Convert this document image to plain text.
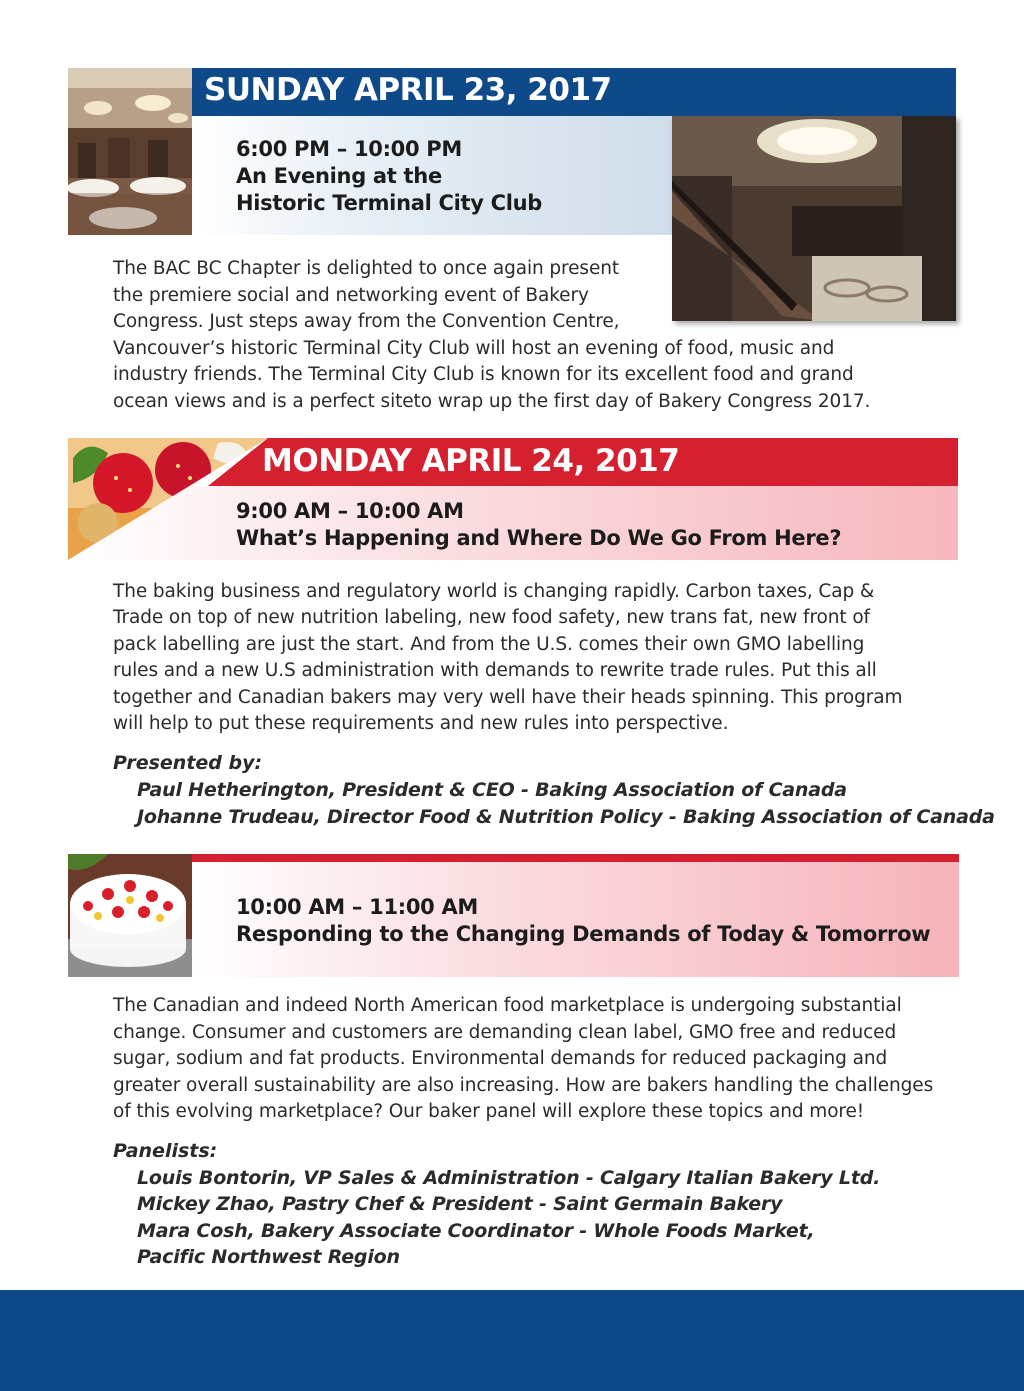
SUNDAY APRIL 23, 2017
6:00 PM – 10:00 PM
An Evening at the
Historic Terminal City Club
The BAC BC Chapter is delighted to once again present
the premiere social and networking event of Bakery
Congress. Just steps away from the Convention Centre,
Vancouver’s historic Terminal City Club will host an evening of food, music and
industry friends. The Terminal City Club is known for its excellent food and grand
ocean views and is a perfect siteto wrap up the first day of Bakery Congress 2017.
MONDAY APRIL 24, 2017
9:00 AM – 10:00 AM
What’s Happening and Where Do We Go From Here?
The baking business and regulatory world is changing rapidly. Carbon taxes, Cap &
Trade on top of new nutrition labeling, new food safety, new trans fat, new front of
pack labelling are just the start. And from the U.S. comes their own GMO labelling
rules and a new U.S administration with demands to rewrite trade rules. Put this all
together and Canadian bakers may very well have their heads spinning. This program
will help to put these requirements and new rules into perspective.
Presented by:
Paul Hetherington, President & CEO - Baking Association of Canada
Johanne Trudeau, Director Food & Nutrition Policy - Baking Association of Canada
10:00 AM – 11:00 AM
Responding to the Changing Demands of Today & Tomorrow
The Canadian and indeed North American food marketplace is undergoing substantial
change. Consumer and customers are demanding clean label, GMO free and reduced
sugar, sodium and fat products. Environmental demands for reduced packaging and
greater overall sustainability are also increasing. How are bakers handling the challenges
of this evolving marketplace? Our baker panel will explore these topics and more!
Panelists:
Louis Bontorin, VP Sales & Administration - Calgary Italian Bakery Ltd.
Mickey Zhao, Pastry Chef & President - Saint Germain Bakery
Mara Cosh, Bakery Associate Coordinator - Whole Foods Market,
Pacific Northwest Region
